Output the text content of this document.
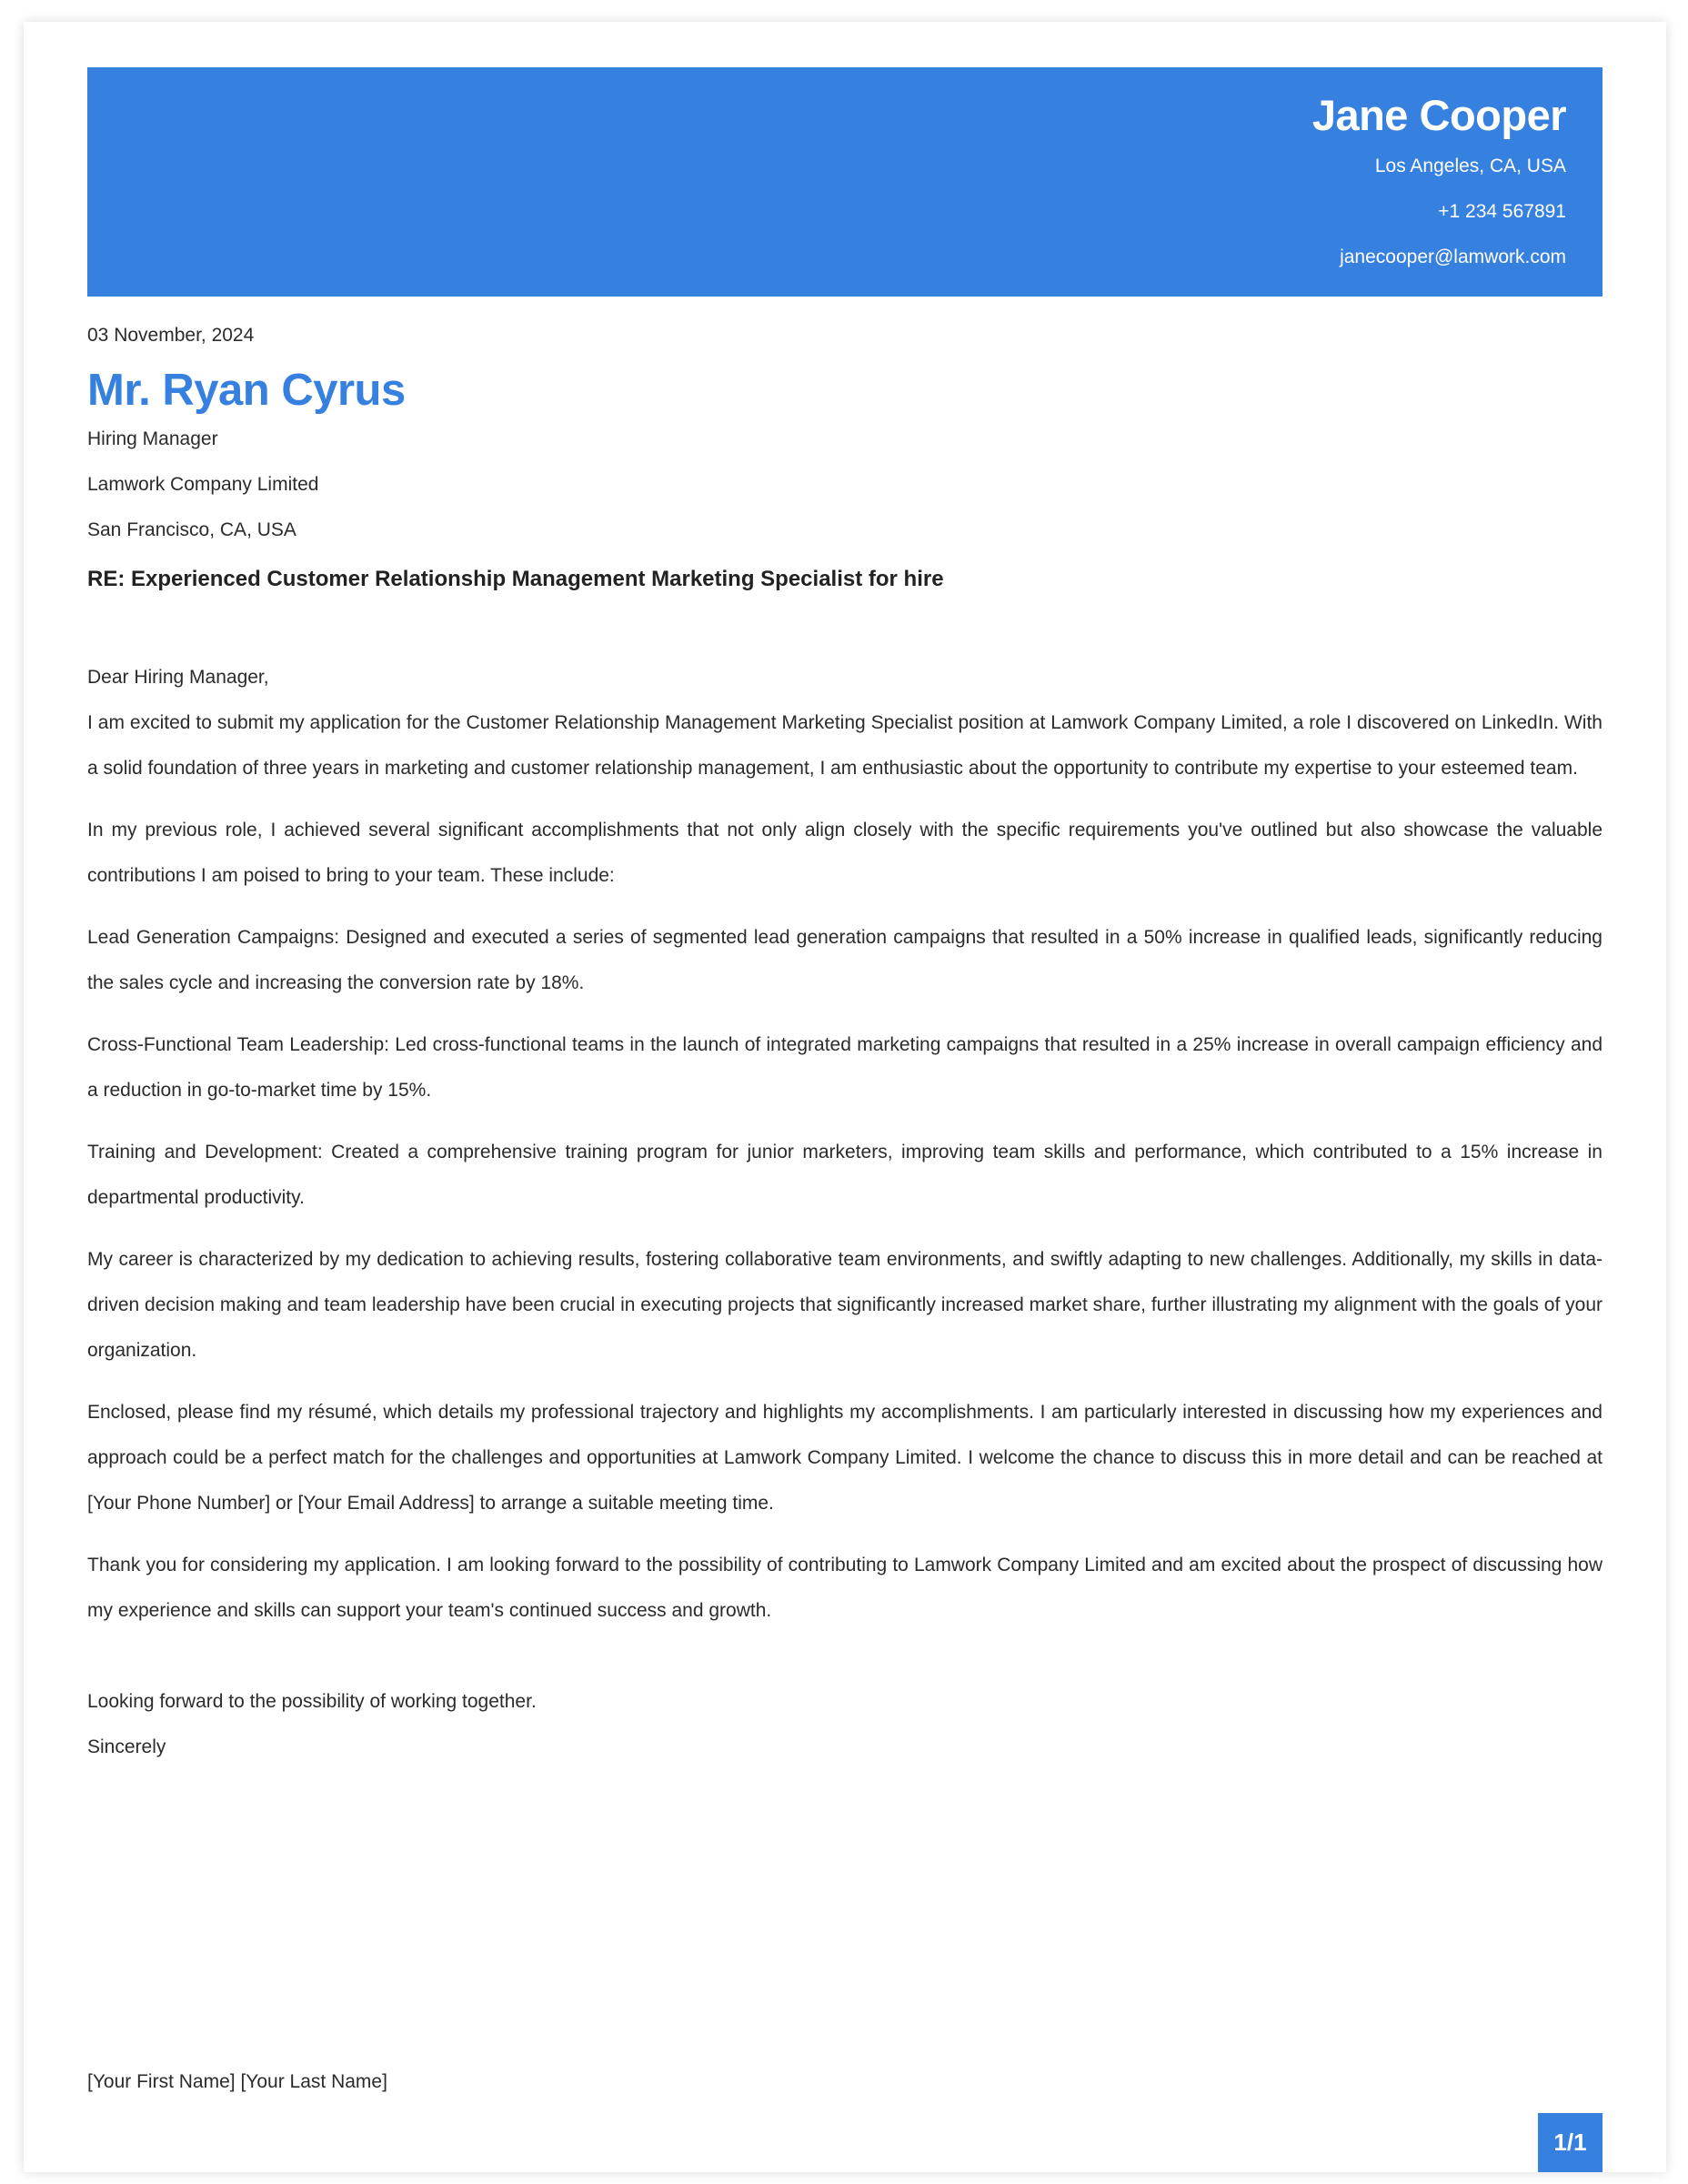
Jane Cooper
Los Angeles, CA, USA
+1 234 567891
janecooper@lamwork.com
03 November, 2024
Mr. Ryan Cyrus
Hiring Manager
Lamwork Company Limited
San Francisco, CA, USA
RE: Experienced Customer Relationship Management Marketing Specialist for hire
Dear Hiring Manager,

I am excited to submit my application for the Customer Relationship Management Marketing Specialist position at Lamwork Company Limited, a role I discovered on LinkedIn. With a solid foundation of three years in marketing and customer relationship management, I am enthusiastic about the opportunity to contribute my expertise to your esteemed team.

In my previous role, I achieved several significant accomplishments that not only align closely with the specific requirements you've outlined but also showcase the valuable contributions I am poised to bring to your team. These include:

Lead Generation Campaigns: Designed and executed a series of segmented lead generation campaigns that resulted in a 50% increase in qualified leads, significantly reducing the sales cycle and increasing the conversion rate by 18%.

Cross-Functional Team Leadership: Led cross-functional teams in the launch of integrated marketing campaigns that resulted in a 25% increase in overall campaign efficiency and a reduction in go-to-market time by 15%.

Training and Development: Created a comprehensive training program for junior marketers, improving team skills and performance, which contributed to a 15% increase in departmental productivity.

My career is characterized by my dedication to achieving results, fostering collaborative team environments, and swiftly adapting to new challenges. Additionally, my skills in data-driven decision making and team leadership have been crucial in executing projects that significantly increased market share, further illustrating my alignment with the goals of your organization.

Enclosed, please find my résumé, which details my professional trajectory and highlights my accomplishments. I am particularly interested in discussing how my experiences and approach could be a perfect match for the challenges and opportunities at Lamwork Company Limited. I welcome the chance to discuss this in more detail and can be reached at [Your Phone Number] or [Your Email Address] to arrange a suitable meeting time.

Thank you for considering my application. I am looking forward to the possibility of contributing to Lamwork Company Limited and am excited about the prospect of discussing how my experience and skills can support your team's continued success and growth.

Looking forward to the possibility of working together.
Sincerely
[Your First Name] [Your Last Name]
1/1
